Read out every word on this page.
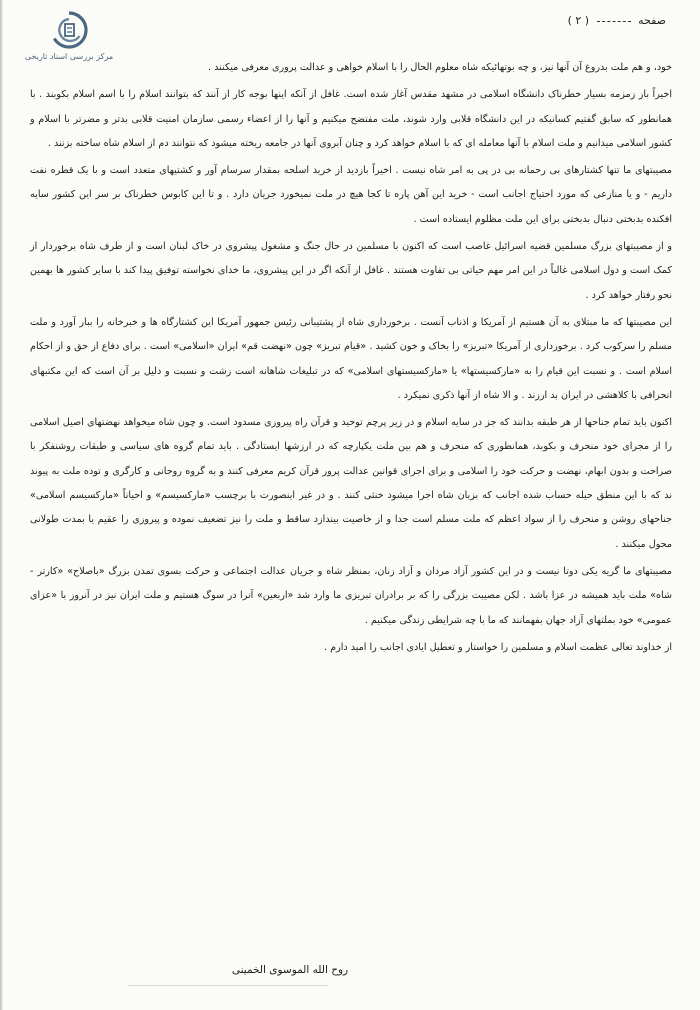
مرکز بررسی اسناد تاریخی
صفحه  ( ۲ )

خود، و هم ملت بدروغ آن آنها نیز، و چه بوتهائیکه شاه معلوم الحال را با اسلام خواهی و عدالت پروری معرفی میکنند .

اخیراً باز زمزمه بسیار خطرناک دانشگاه اسلامی در مشهد مقدس آغاز شده است. غافل از آنکه اینها بوجه کار از آنند که بتوانند اسلام را با اسم اسلام بکوبند . با همانطور که سابق گفتیم کسانیکه در این دانشگاه قلابی وارد شوند، ملت مفتضح میکنیم و آنها را از اعضاء رسمی سازمان امنیت قلابی بدتر و مضرتر با اسلام و کشور اسلامی میدانیم و ملت اسلام با آنها معامله ای که با اسلام خواهد کرد و چنان آبروی آنها در جامعه ریخته میشود که نتوانند دم از اسلام شاه ساخته بزنند .

مصیبتهای ما تنها کشتارهای بی رحمانه بی در پی به امر شاه نیست . اخیراً بازدید از خرید اسلحه بمقدار سرسام آور و کشتیهای متعدد است و با یک قطره نفت داریم - و یا منازعی که مورد احتیاج اجانب است - خرید این آهن پاره تا کجا هیچ در ملت نمیخورد جریان دارد . و تا این کابوس خطرناک بر سر این کشور سایه افکنده بدبختی دنبال بدبختی برای این ملت مظلوم ایستاده است .

و از مصیبتهای بزرگ مسلمین قضیه اسرائیل غاصب است که اکنون با مسلمین در حال جنگ و مشغول پیشروی در خاک لبنان است و از طرف شاه برخوردار از کمک است و دول اسلامی غالباً در این امر مهم حیاتی بی تفاوت هستند . غافل از آنکه اگر در این پیشروی، ما خدای نخواسته توفیق پیدا کند با سایر کشور ها بهمین نحو رفتار خواهد کرد .

این مصیبتها که ما مبتلای به آن هستیم از آمریکا و اذناب آنست . برخورداری شاه از پشتیبانی رئیس جمهور آمریکا این کشتارگاه ها و خبرخانه را ببار آورد و ملت مسلم را سرکوب کرد . برخورداری از آمریکا «تبریز» را بخاک و خون کشید . «قیام تبریز» چون «نهضت قم» ایران «اسلامی» است . برای دفاع از حق و از احکام اسلام است . و نسبت این قیام را به «مارکسیستها» یا «مارکسیستهای اسلامی» که در تبلیغات شاهانه است زشت و نسبت و دلیل بر آن است که این مکتبهای انحرافی با کلاهشی در ایران بد ارزند . و الا شاه از آنها ذکری نمیکرد .

اکنون باید تمام جناحها از هر طبقه بدانند که جز در سایه اسلام و در زیر پرچم توحید و قرآن راه پیروزی مسدود است. و چون شاه میخواهد نهضتهای اصیل اسلامی را از مجرای خود منحرف و بکوبد، همانطوری که منحرف و هم بین ملت یکپارچه که در ارزشها ایستادگی . باید تمام گروه های سیاسی و طبقات روشنفکر با صراحت و بدون ابهام، نهضت و حرکت خود را اسلامی و برای اجرای قوانین عدالت پرور قرآن کریم معرفی کنند و به گروه روحانی و کارگری و توده ملت به پیوند ند که با این منطق حیله حساب شده اجانب که بزبان شاه اجرا میشود خنثی کنند . و در غیر اینصورت با برچسب «مارکسیسم» و احیاناً «مارکسیسم اسلامی» جناحهای روشن و منحرف را از سواد اعظم که ملت مسلم است جدا و از خاصیت بیندازد ساقط و ملت را نیز تضعیف نموده و پیروزی را عقیم یا بمدت طولانی محول میکنند .

مصیبتهای ما گریه یکی دوتا نیست و در این کشور آزاد مردان و آزاد زنان، بمنظر شاه و جریان عدالت اجتماعی و حرکت بسوی تمدن بزرگ «باصلاح» «کارتر - شاه» ملت باید همیشه در عزا باشد . لکن مصیبت بزرگی را که بر برادران تبریزی ما وارد شد «اربعین» آنرا در سوگ هستیم و ملت ایران نیز در آنروز با «عزای عمومی» خود بملتهای آزاد جهان بفهمانند که ما با چه شرایطی زندگی میکنیم .

از خداوند تعالی عظمت اسلام و مسلمین را خواستار و تعطیل ایادی اجانب را امید دارم .

روح الله الموسوی الخمینی
